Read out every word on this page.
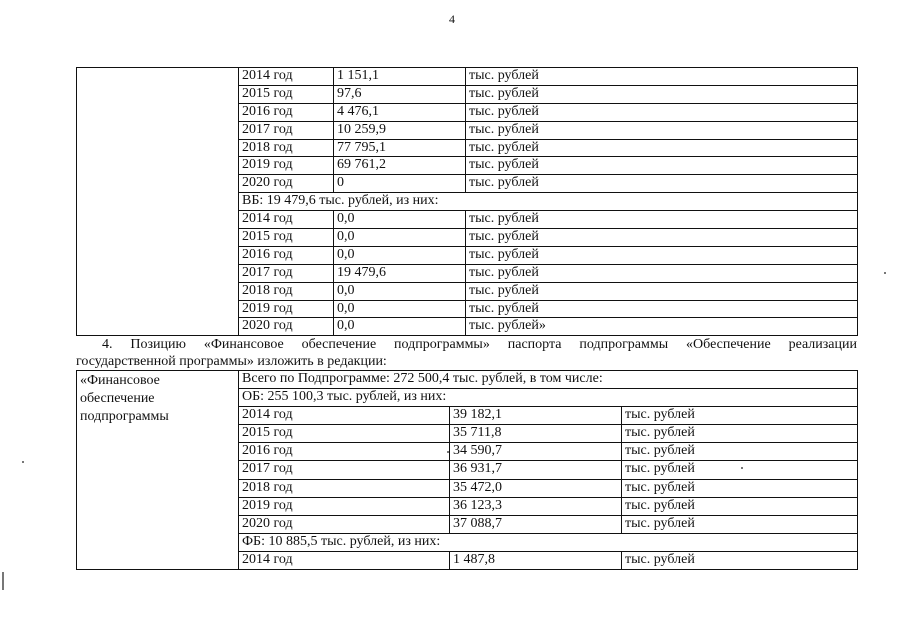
4
	2014 год	1 151,1	тыс. рублей
	2015 год	97,6	тыс. рублей
	2016 год	4 476,1	тыс. рублей
	2017 год	10 259,9	тыс. рублей
	2018 год	77 795,1	тыс. рублей
	2019 год	69 761,2	тыс. рублей
	2020 год	0	тыс. рублей
	ВБ: 19 479,6 тыс. рублей, из них:		
	2014 год	0,0	тыс. рублей
	2015 год	0,0	тыс. рублей
	2016 год	0,0	тыс. рублей
	2017 год	19 479,6	тыс. рублей
	2018 год	0,0	тыс. рублей
	2019 год	0,0	тыс. рублей
	2020 год	0,0	тыс. рублей»
4. Позицию «Финансовое обеспечение подпрограммы» паспорта подпрограммы «Обеспечение реализации
государственной программы» изложить в редакции:
«Финансовое обеспечение подпрограммы	Всего по Подпрограмме: 272 500,4 тыс. рублей, в том числе:		
	ОБ: 255 100,3 тыс. рублей, из них:		
	2014 год	39 182,1	тыс. рублей
	2015 год	35 711,8	тыс. рублей
	2016 год	34 590,7	тыс. рублей
	2017 год	36 931,7	тыс. рублей
	2018 год	35 472,0	тыс. рублей
	2019 год	36 123,3	тыс. рублей
	2020 год	37 088,7	тыс. рублей
	ФБ: 10 885,5 тыс. рублей, из них:		
	2014 год	1 487,8	тыс. рублей
